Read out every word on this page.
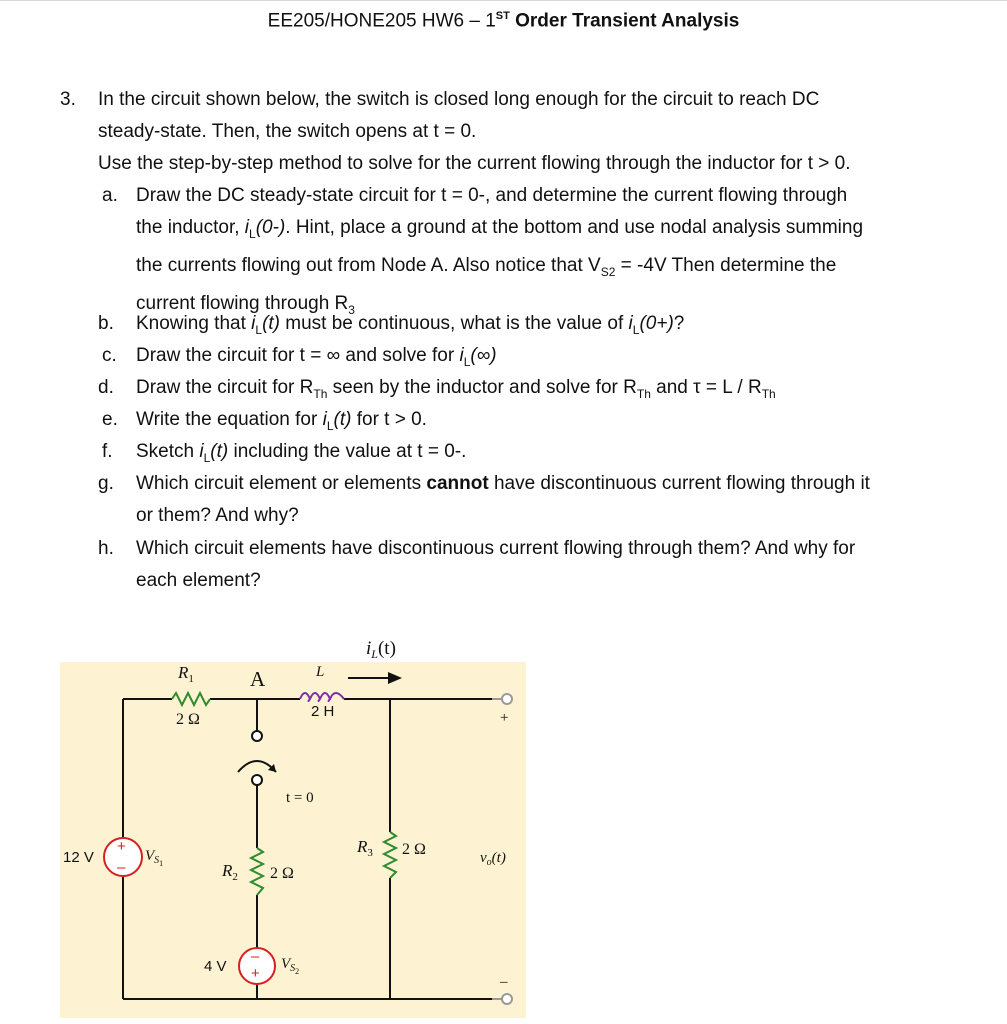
EE205/HONE205 HW6 – 1ST Order Transient Analysis
3. In the circuit shown below, the switch is closed long enough for the circuit to reach DC
steady-state. Then, the switch opens at t = 0.
Use the step-by-step method to solve for the current flowing through the inductor for t > 0.
a. Draw the DC steady-state circuit for t = 0-, and determine the current flowing through
the inductor, $i_L(0-)$. Hint, place a ground at the bottom and use nodal analysis summing
the currents flowing out from Node A. Also notice that $V_{S2} = -4V$ Then determine the
current flowing through $R_3$
b. Knowing that $i_L(t)$ must be continuous, what is the value of $i_L(0+)$?
c. Draw the circuit for t = ∞ and solve for $i_L(\infty)$
d. Draw the circuit for $R_{Th}$ seen by the inductor and solve for $R_{Th}$ and $\tau = L / R_{Th}$
e. Write the equation for $i_L(t)$ for t > 0.
f. Sketch $i_L(t)$ including the value at t = 0-.
g. Which circuit element or elements cannot have discontinuous current flowing through it
or them? And why?
h. Which circuit elements have discontinuous current flowing through them? And why for
each element?
$i_L(t)$
$R_1$
2 Ω
A	L
t = 0
$R_2$ 2 Ω
$R_3$ 2 Ω
$V_{S1}$
$V_{S2}$
$v_o(t)$
+
–
2 H
12 V
4 V
+
–
–
+
